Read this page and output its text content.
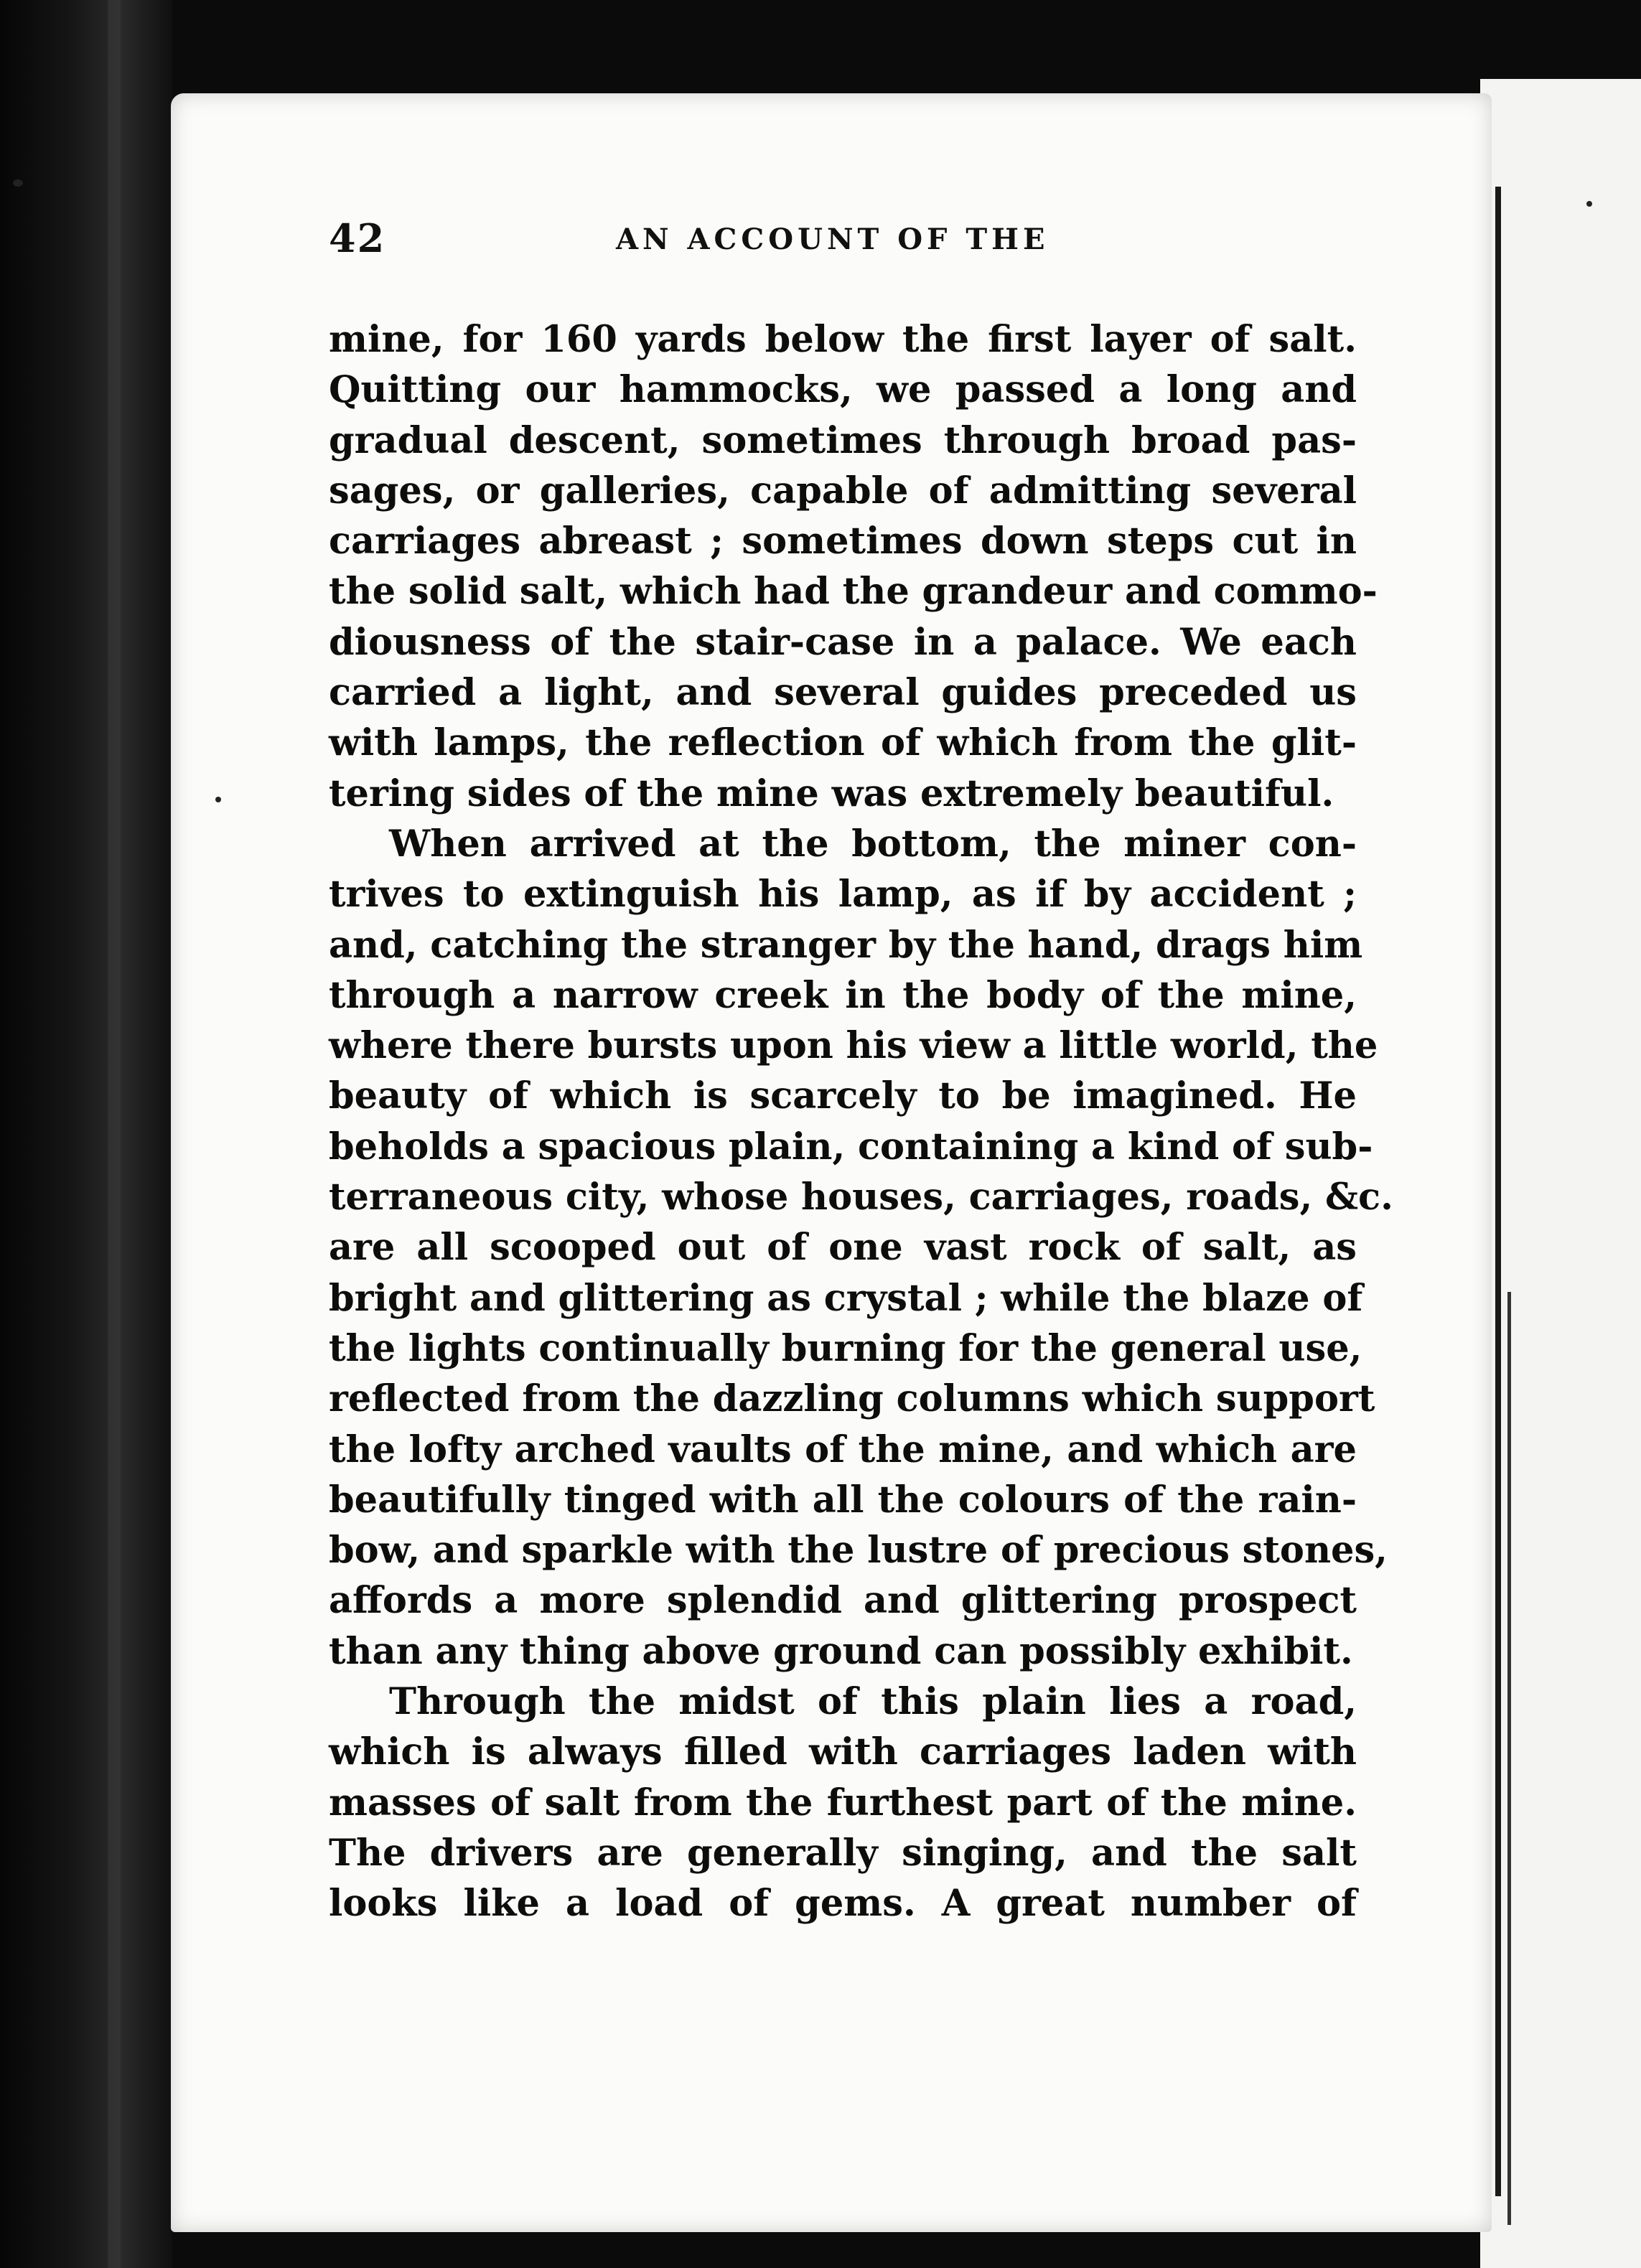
42	AN ACCOUNT OF THE
mine, for 160 yards below the first layer of salt.
Quitting our hammocks, we passed a long and
gradual descent, sometimes through broad pas-
sages, or galleries, capable of admitting several
carriages abreast ; sometimes down steps cut in
the solid salt, which had the grandeur and commo-
diousness of the stair-case in a palace. We each
carried a light, and several guides preceded us
with lamps, the reflection of which from the glit-
tering sides of the mine was extremely beautiful.
When arrived at the bottom, the miner con-
trives to extinguish his lamp, as if by accident ;
and, catching the stranger by the hand, drags him
through a narrow creek in the body of the mine,
where there bursts upon his view a little world, the
beauty of which is scarcely to be imagined. He
beholds a spacious plain, containing a kind of sub-
terraneous city, whose houses, carriages, roads, &c.
are all scooped out of one vast rock of salt, as
bright and glittering as crystal ; while the blaze of
the lights continually burning for the general use,
reflected from the dazzling columns which support
the lofty arched vaults of the mine, and which are
beautifully tinged with all the colours of the rain-
bow, and sparkle with the lustre of precious stones,
affords a more splendid and glittering prospect
than any thing above ground can possibly exhibit.
Through the midst of this plain lies a road,
which is always filled with carriages laden with
masses of salt from the furthest part of the mine.
The drivers are generally singing, and the salt
looks like a load of gems. A great number of
